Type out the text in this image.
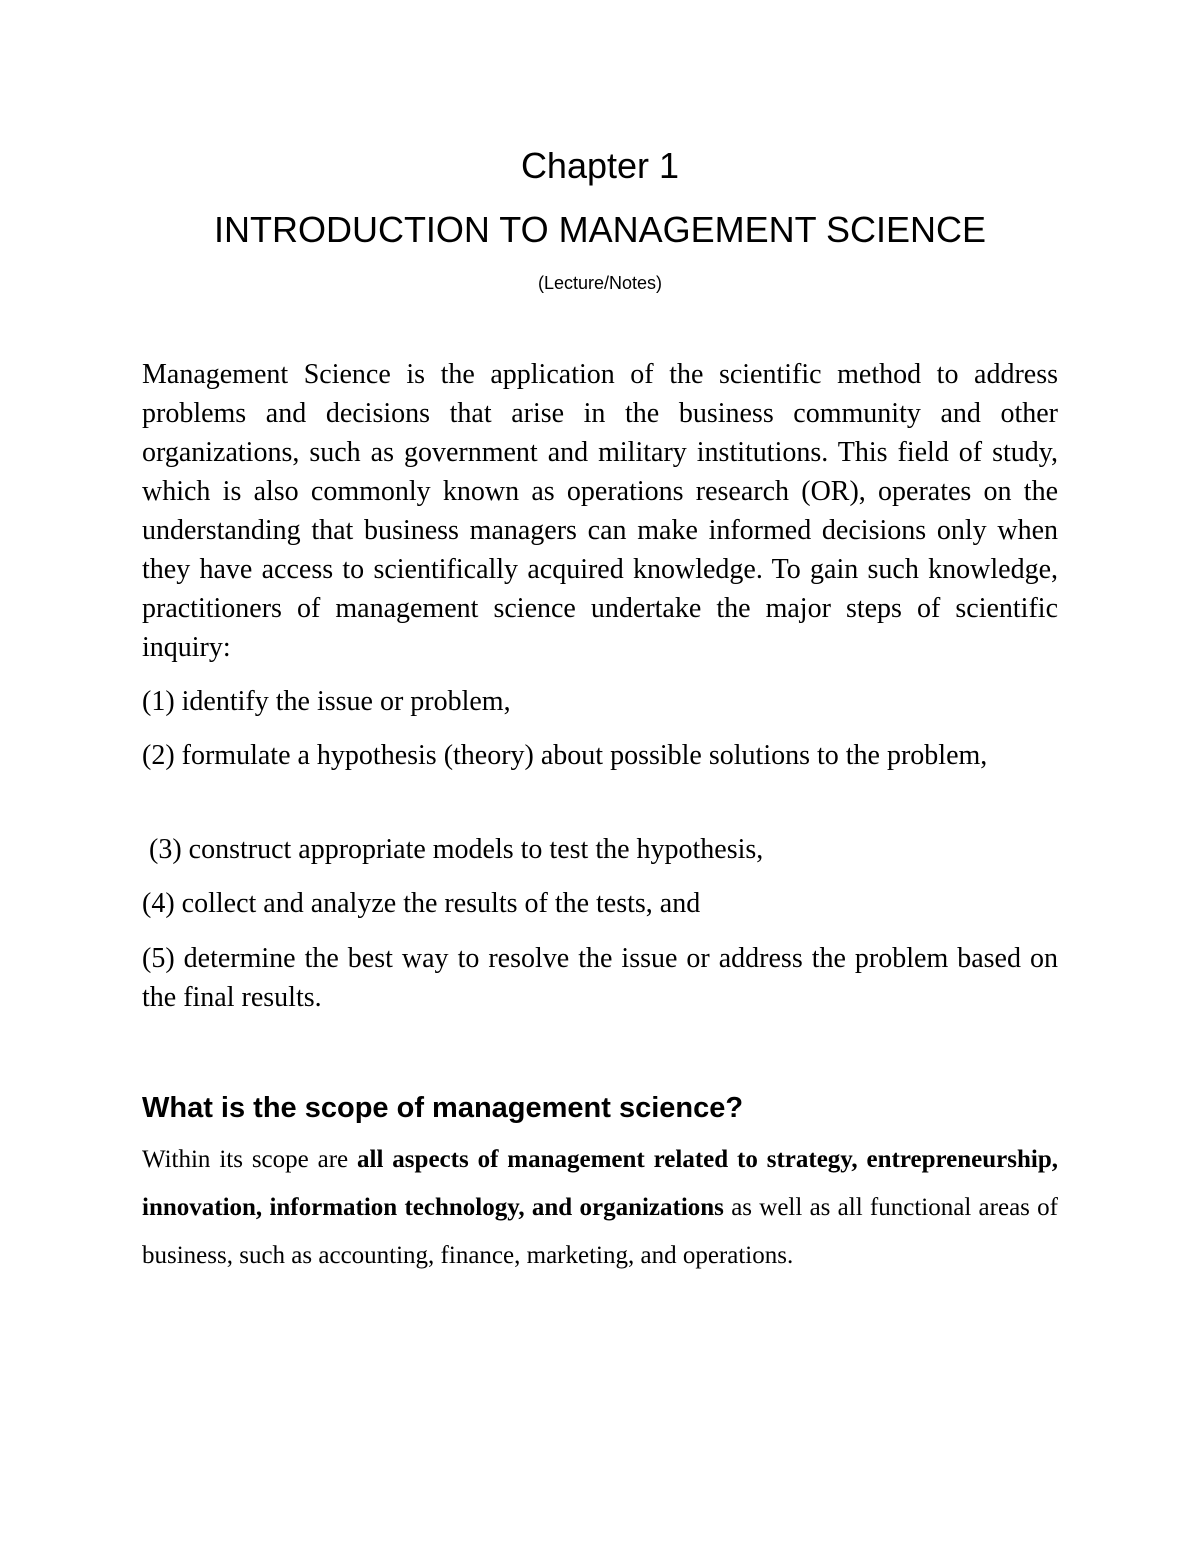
Chapter 1
INTRODUCTION TO MANAGEMENT SCIENCE
(Lecture/Notes)

Management Science is the application of the scientific method to address problems and decisions that arise in the business community and other organizations, such as government and military institutions. This field of study, which is also commonly known as operations research (OR), operates on the understanding that business managers can make informed decisions only when they have access to scientifically acquired knowledge. To gain such knowledge, practitioners of management science undertake the major steps of scientific inquiry:

(1) identify the issue or problem,

(2) formulate a hypothesis (theory) about possible solutions to the problem,

(3) construct appropriate models to test the hypothesis,

(4) collect and analyze the results of the tests, and

(5) determine the best way to resolve the issue or address the problem based on the final results.

What is the scope of management science?

Within its scope are all aspects of management related to strategy, entrepreneurship, innovation, information technology, and organizations as well as all functional areas of business, such as accounting, finance, marketing, and operations.
